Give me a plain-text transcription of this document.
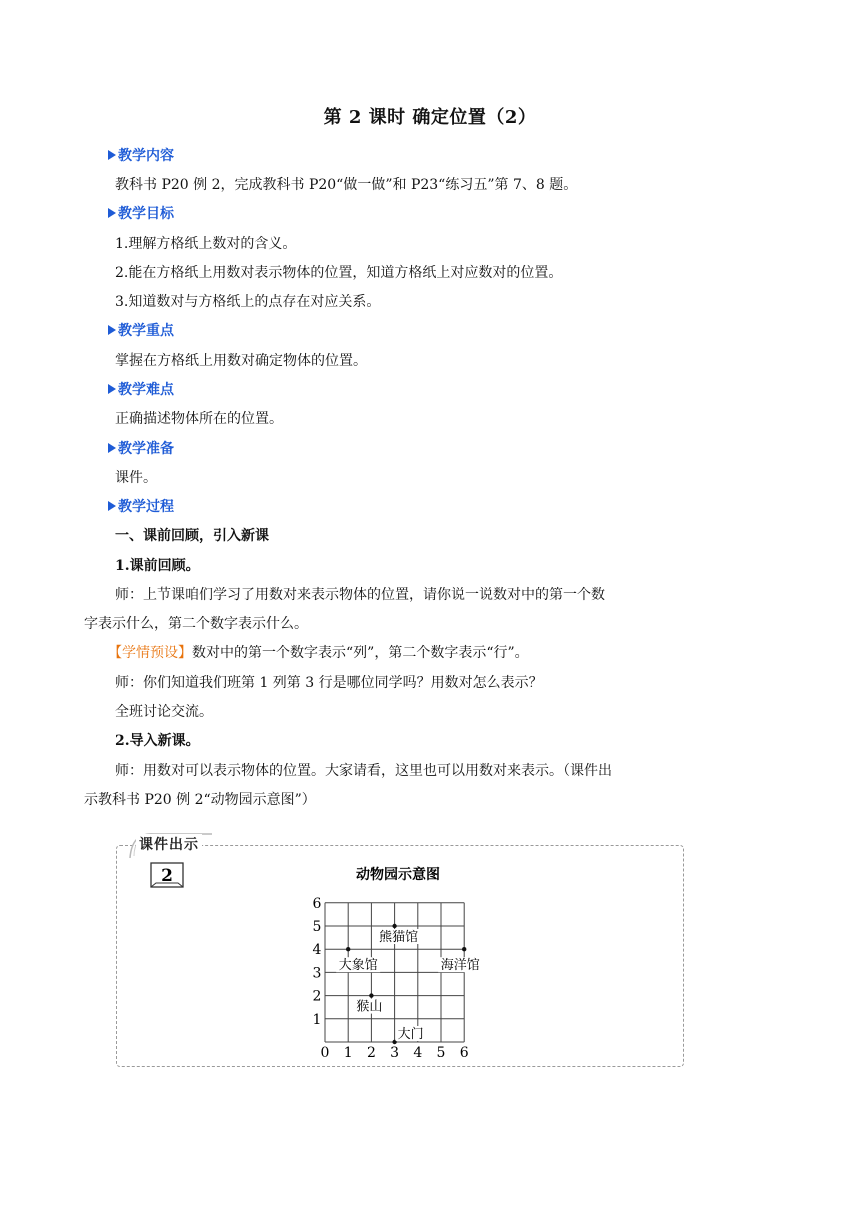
第 2 课时 确定位置（2）
教学内容
教科书 P20 例 2，完成教科书 P20“做一做”和 P23“练习五”第 7、8 题。
教学目标
1.理解方格纸上数对的含义。
2.能在方格纸上用数对表示物体的位置，知道方格纸上对应数对的位置。
3.知道数对与方格纸上的点存在对应关系。
教学重点
掌握在方格纸上用数对确定物体的位置。
教学难点
正确描述物体所在的位置。
教学准备
课件。
教学过程
一、课前回顾，引入新课
1.课前回顾。
师：上节课咱们学习了用数对来表示物体的位置，请你说一说数对中的第一个数
字表示什么，第二个数字表示什么。
【学情预设】数对中的第一个数字表示“列”，第二个数字表示“行”。
师：你们知道我们班第 1 列第 3 行是哪位同学吗？用数对怎么表示？
全班讨论交流。
2.导入新课。
师：用数对可以表示物体的位置。大家请看，这里也可以用数对来表示。（课件出
示教科书 P20 例 2“动物园示意图”）
课件出示
2	动物园示意图
0 1 2 3 4 5 6
1
2
3
4
5
6
熊猫馆
大象馆	海洋馆
猴山
大门
